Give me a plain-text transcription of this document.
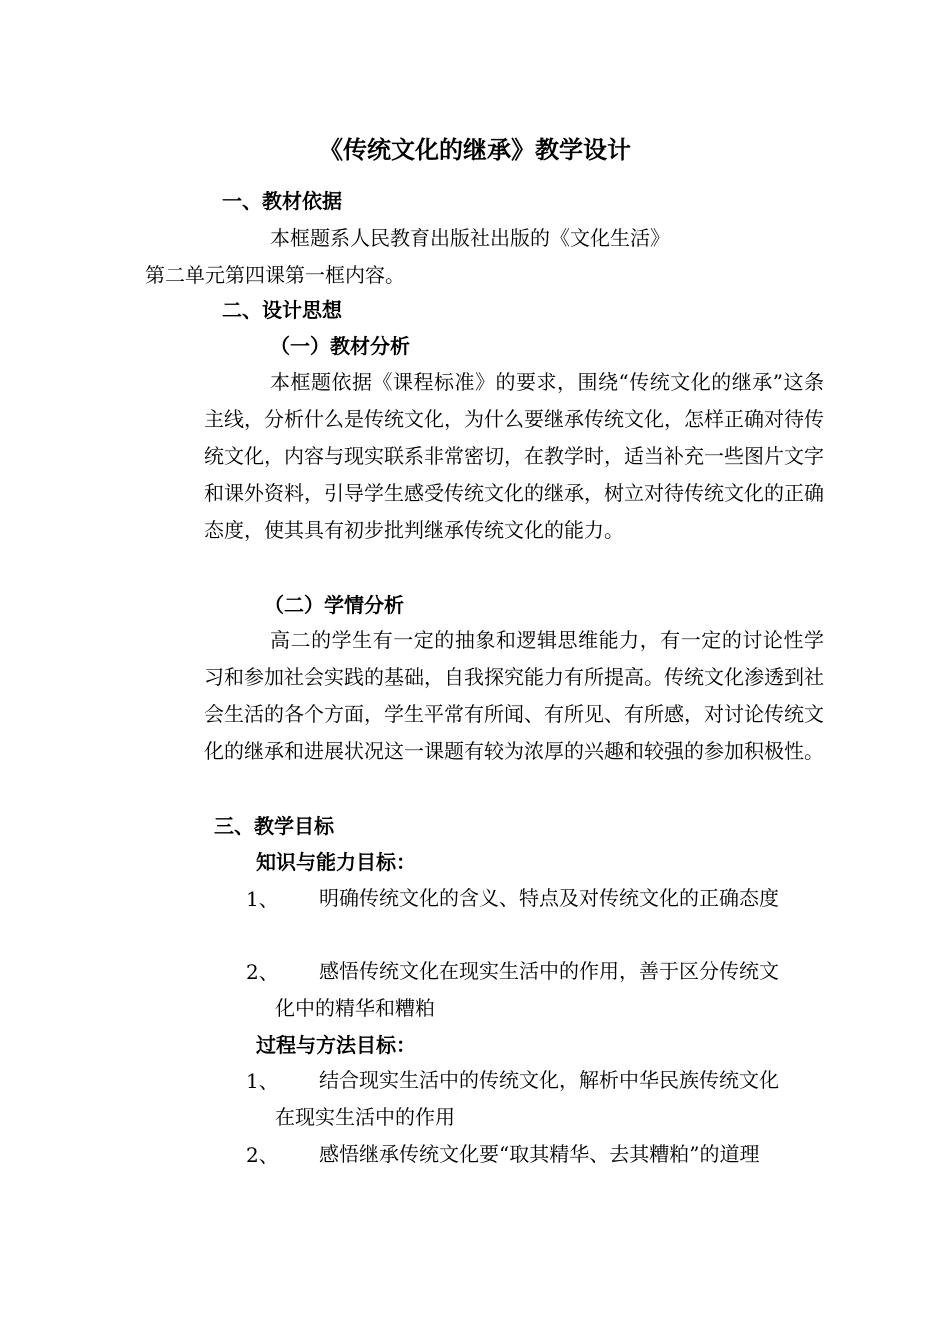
《传统文化的继承》教学设计
一、教材依据
本框题系人民教育出版社出版的《文化生活》
第二单元第四课第一框内容。
二、设计思想
（一）教材分析
本框题依据《课程标准》的要求，围绕“传统文化的继承”这条主线，分析什么是传统文化，为什么要继承传统文化，怎样正确对待传统文化，内容与现实联系非常密切，在教学时，适当补充一些图片文字和课外资料，引导学生感受传统文化的继承，树立对待传统文化的正确态度，使其具有初步批判继承传统文化的能力。
（二）学情分析
高二的学生有一定的抽象和逻辑思维能力，有一定的讨论性学习和参加社会实践的基础，自我探究能力有所提高。传统文化渗透到社会生活的各个方面，学生平常有所闻、有所见、有所感，对讨论传统文化的继承和进展状况这一课题有较为浓厚的兴趣和较强的参加积极性。
三、教学目标
知识与能力目标：
1、	明确传统文化的含义、特点及对传统文化的正确态度
2、	感悟传统文化在现实生活中的作用，善于区分传统文化中的精华和糟粕
过程与方法目标：
1、	结合现实生活中的传统文化，解析中华民族传统文化在现实生活中的作用
2、	感悟继承传统文化要“取其精华、去其糟粕”的道理
